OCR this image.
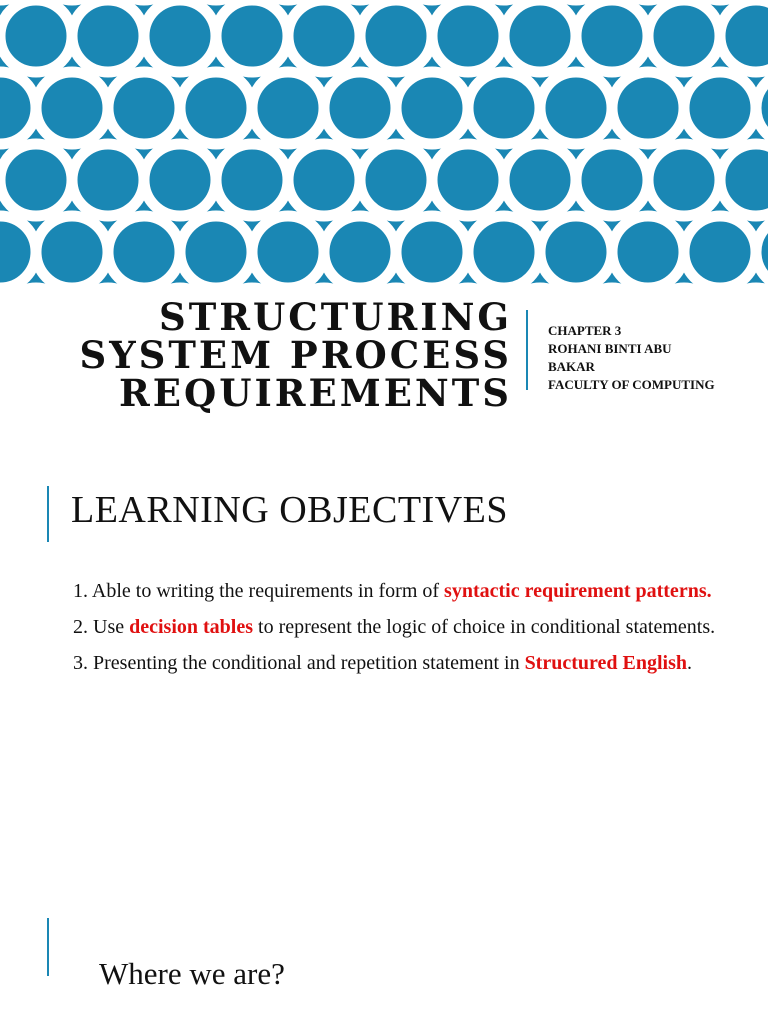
STRUCTURING
SYSTEM PROCESS
REQUIREMENTS
CHAPTER 3
ROHANI BINTI ABU
BAKAR
FACULTY OF COMPUTING
LEARNING OBJECTIVES

1. Able to writing the requirements in form of syntactic requirement patterns.

2. Use decision tables to represent the logic of choice in conditional statements.

3. Presenting the conditional and repetition statement in Structured English.

Where we are?
